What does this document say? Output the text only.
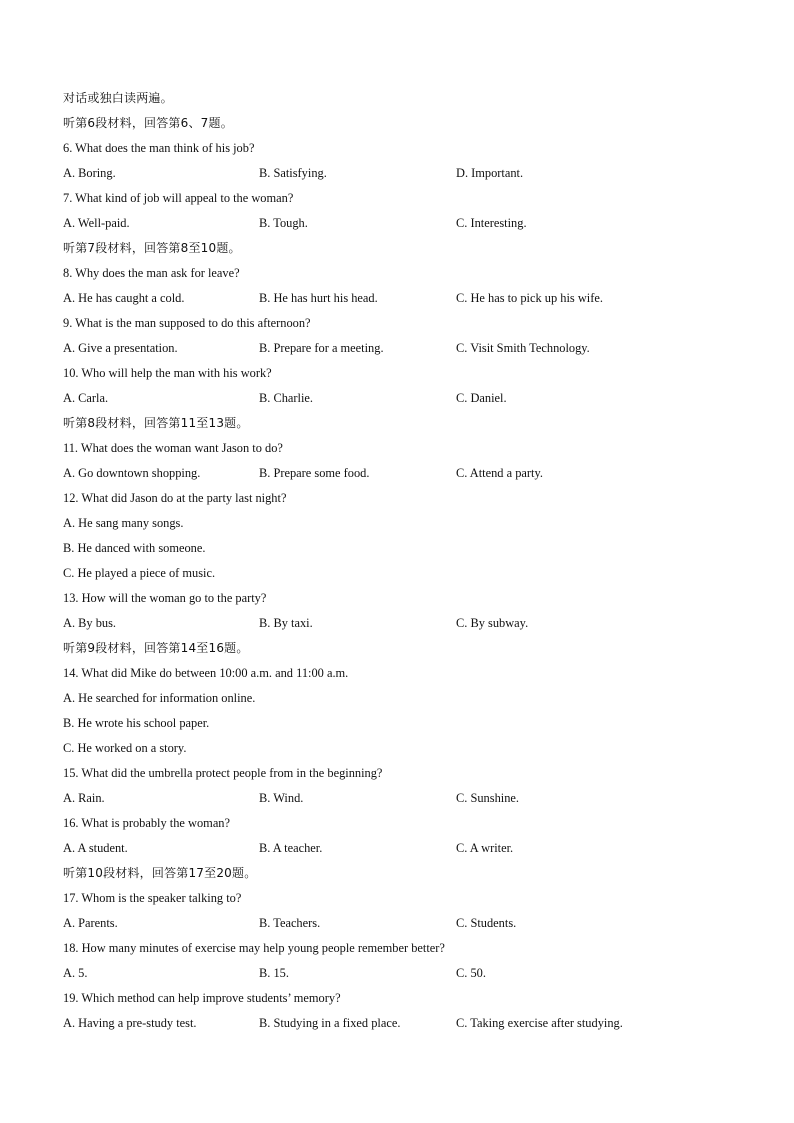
对话或独白读两遍。
听第6段材料，回答第6、7题。
6. What does the man think of his job?
A. Boring.	B. Satisfying.	D. Important.
7. What kind of job will appeal to the woman?
A. Well-paid.	B. Tough.	C. Interesting.
听第7段材料，回答第8至10题。
8. Why does the man ask for leave?
A. He has caught a cold.	B. He has hurt his head.	C. He has to pick up his wife.
9. What is the man supposed to do this afternoon?
A. Give a presentation.	B. Prepare for a meeting.	C. Visit Smith Technology.
10. Who will help the man with his work?
A. Carla.	B. Charlie.	C. Daniel.
听第8段材料，回答第11至13题。
11. What does the woman want Jason to do?
A. Go downtown shopping.	B. Prepare some food.	C. Attend a party.
12. What did Jason do at the party last night?
A. He sang many songs.
B. He danced with someone.
C. He played a piece of music.
13. How will the woman go to the party?
A. By bus.	B. By taxi.	C. By subway.
听第9段材料，回答第14至16题。
14. What did Mike do between 10:00 a.m. and 11:00 a.m.
A. He searched for information online.
B. He wrote his school paper.
C. He worked on a story.
15. What did the umbrella protect people from in the beginning?
A. Rain.	B. Wind.	C. Sunshine.
16. What is probably the woman?
A. A student.	B. A teacher.	C. A writer.
听第10段材料，回答第17至20题。
17. Whom is the speaker talking to?
A. Parents.	B. Teachers.	C. Students.
18. How many minutes of exercise may help young people remember better?
A. 5.	B. 15.	C. 50.
19. Which method can help improve students’ memory?
A. Having a pre-study test.	B. Studying in a fixed place.	C. Taking exercise after studying.
